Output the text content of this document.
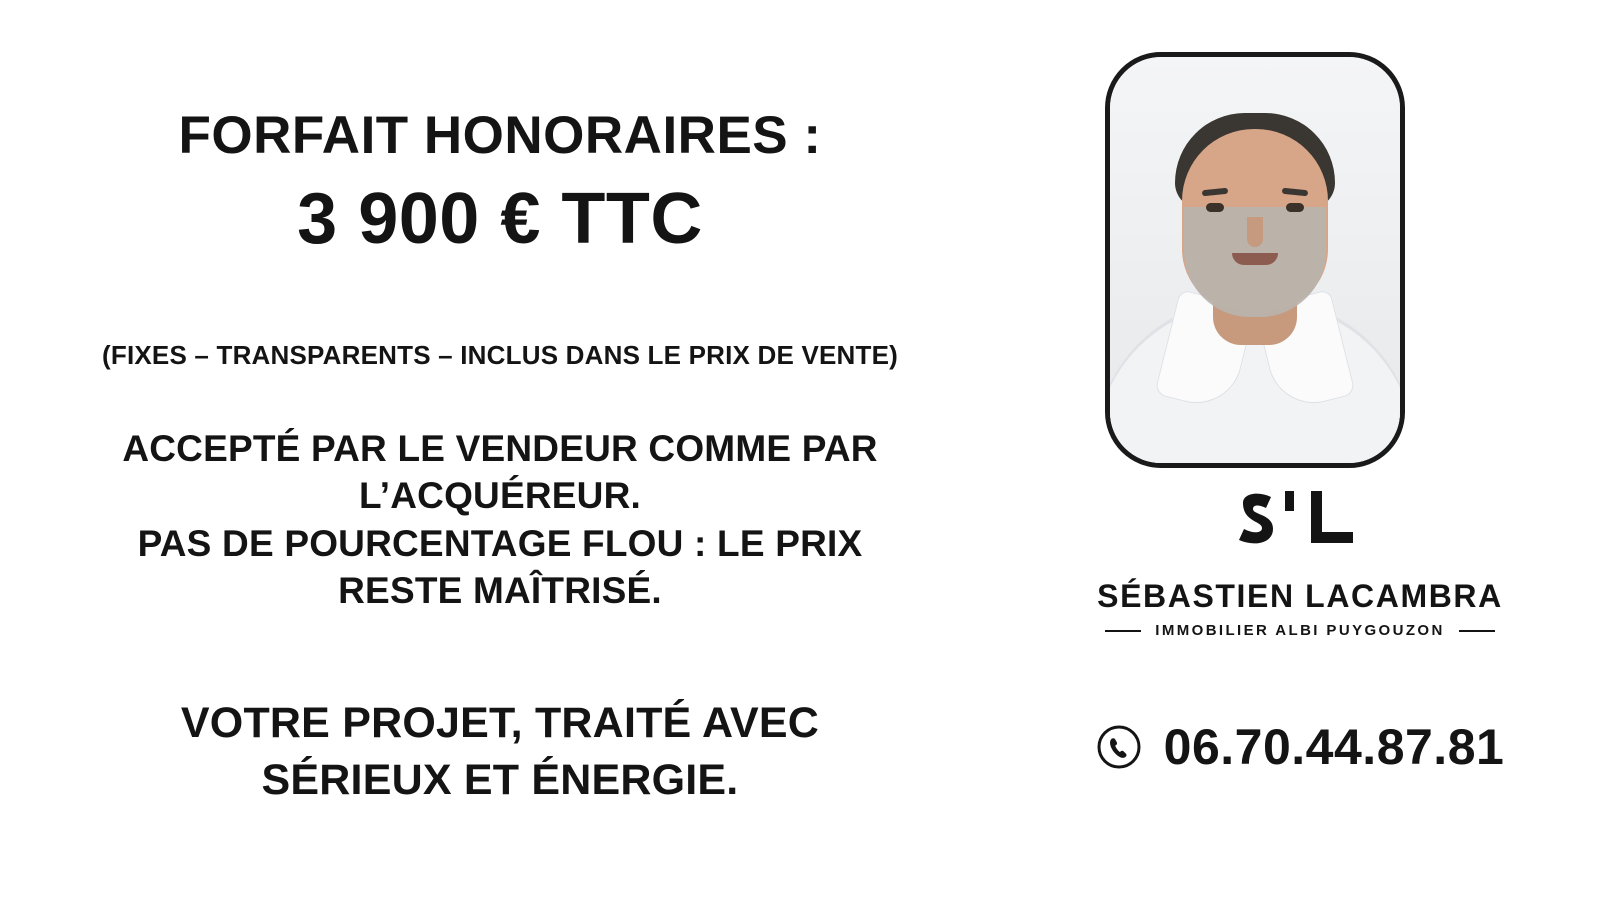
FORFAIT HONORAIRES :
3 900 € TTC
(FIXES – TRANSPARENTS – INCLUS DANS LE PRIX DE VENTE)

ACCEPTÉ PAR LE VENDEUR COMME PAR

L’ACQUÉREUR.

PAS DE POURCENTAGE FLOU : LE PRIX

RESTE MAÎTRISÉ.

VOTRE PROJET, TRAITÉ AVEC

SÉRIEUX ET ÉNERGIE.

SÉBASTIEN LACAMBRA
IMMOBILIER ALBI PUYGOUZON
06.70.44.87.81
